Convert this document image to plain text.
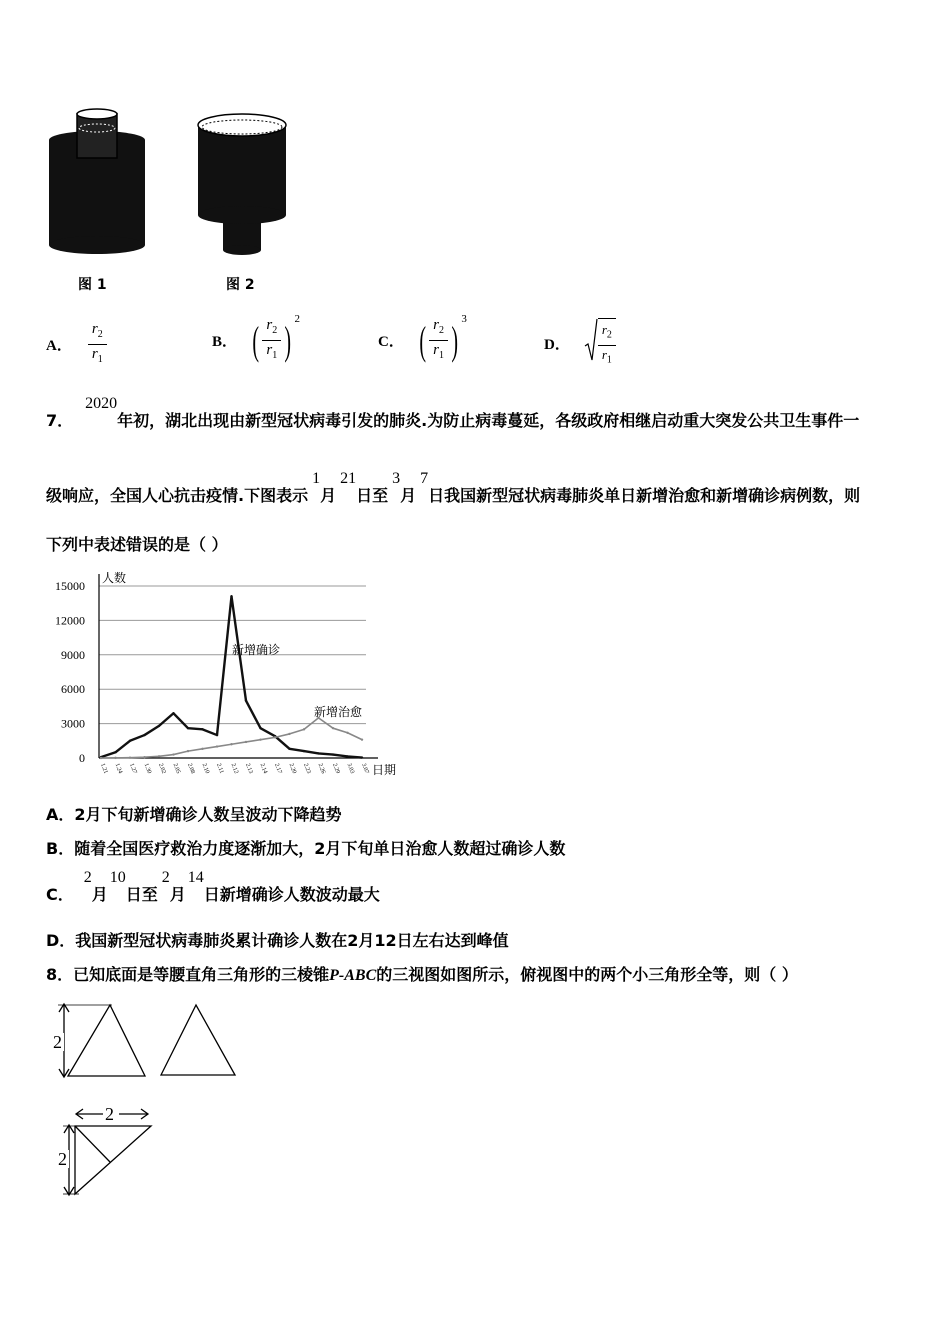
图 1	图 2
A． $\frac{r_2}{r_1}$	B． ( $\frac{r_2}{r_1}$ ) 2
C． ( $\frac{r_2}{r_1}$ ) 3
D． $\frac{r_2}{r_1}$
7．2020年初，湖北出现由新型冠状病毒引发的肺炎.为防止病毒蔓延，各级政府相继启动重大突发公共卫生事件一
级响应，全国人心抗击疫情.下图表示1月21日至3月7日我国新型冠状病毒肺炎单日新增治愈和新增确诊病例数，则
下列中表述错误的是（ ）
15000
12000
9000
6000
3000
0
人数
日期
1.21 1.24 1.27 1.30 2.02 2.05 2.08 2.10 2.11 2.12 2.13 2.14 2.17 2.20 2.23 2.26 2.29 3.03 3.07
新增确诊
新增治愈
A．2月下旬新增确诊人数呈波动下降趋势
B．随着全国医疗救治力度逐渐加大，2月下旬单日治愈人数超过确诊人数
C．2月10日至2月14日新增确诊人数波动最大
D．我国新型冠状病毒肺炎累计确诊人数在2月12日左右达到峰值
8．已知底面是等腰直角三角形的三棱锥P-ABC的三视图如图所示，俯视图中的两个小三角形全等，则（ ）
2
2
2
